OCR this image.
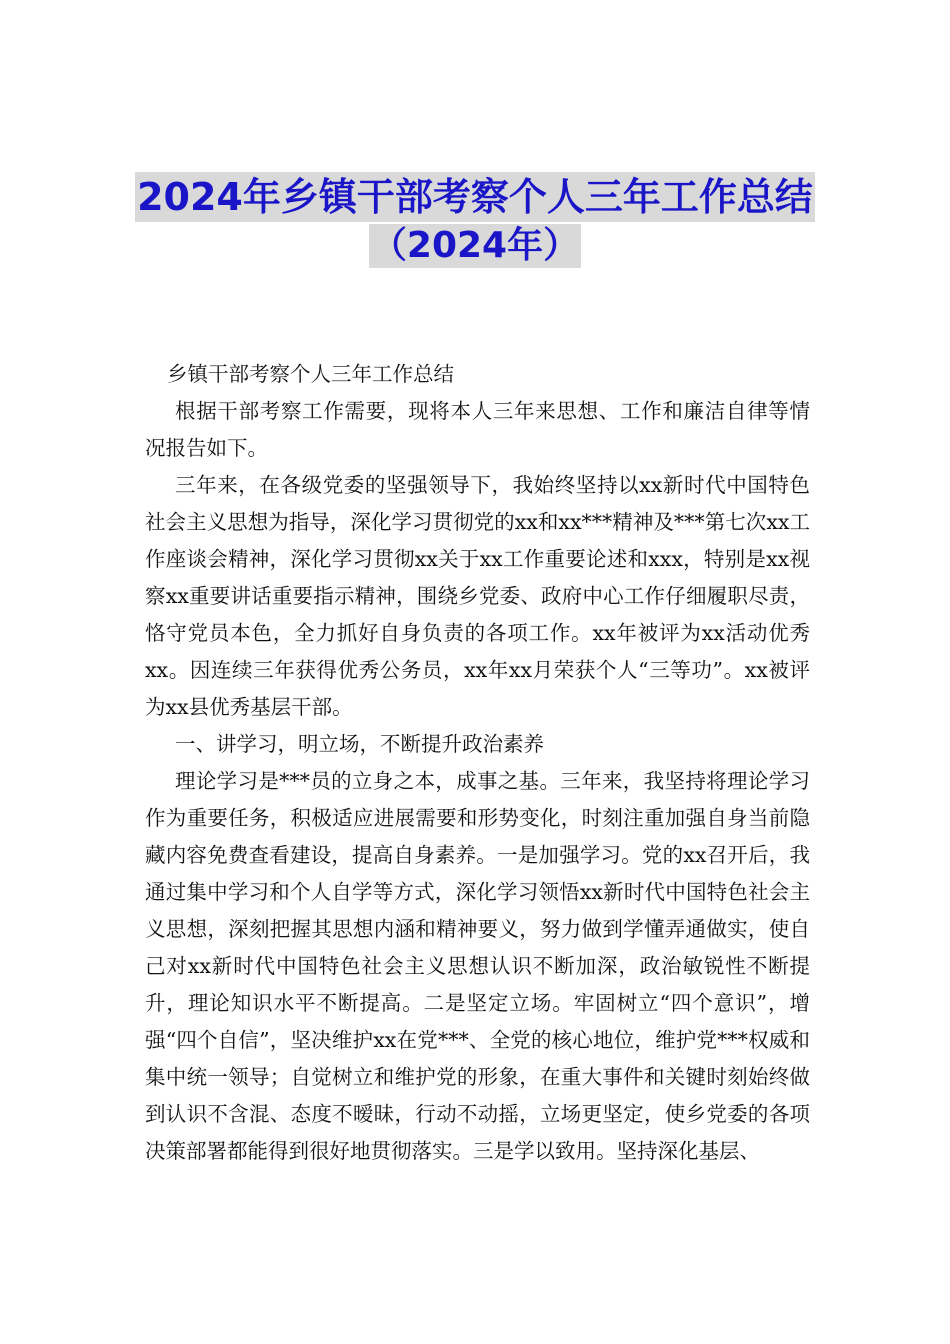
2024年乡镇干部考察个人三年工作总结
（2024年）

乡镇干部考察个人三年工作总结

根据干部考察工作需要，现将本人三年来思想、工作和廉洁自律等情况报告如下。

三年来，在各级党委的坚强领导下，我始终坚持以xx新时代中国特色社会主义思想为指导，深化学习贯彻党的xx和xx***精神及***第七次xx工作座谈会精神，深化学习贯彻xx关于xx工作重要论述和xxx，特别是xx视察xx重要讲话重要指示精神，围绕乡党委、政府中心工作仔细履职尽责，恪守党员本色，全力抓好自身负责的各项工作。xx年被评为xx活动优秀xx。因连续三年获得优秀公务员，xx年xx月荣获个人“三等功”。xx被评为xx县优秀基层干部。

一、讲学习，明立场，不断提升政治素养

理论学习是***员的立身之本，成事之基。三年来，我坚持将理论学习作为重要任务，积极适应进展需要和形势变化，时刻注重加强自身当前隐藏内容免费查看建设，提高自身素养。一是加强学习。党的xx召开后，我通过集中学习和个人自学等方式，深化学习领悟xx新时代中国特色社会主义思想，深刻把握其思想内涵和精神要义，努力做到学懂弄通做实，使自己对xx新时代中国特色社会主义思想认识不断加深，政治敏锐性不断提升，理论知识水平不断提高。二是坚定立场。牢固树立“四个意识”，增强“四个自信”，坚决维护xx在党***、全党的核心地位，维护党***权威和集中统一领导；自觉树立和维护党的形象，在重大事件和关键时刻始终做到认识不含混、态度不暧昧，行动不动摇，立场更坚定，使乡党委的各项决策部署都能得到很好地贯彻落实。三是学以致用。坚持深化基层、
